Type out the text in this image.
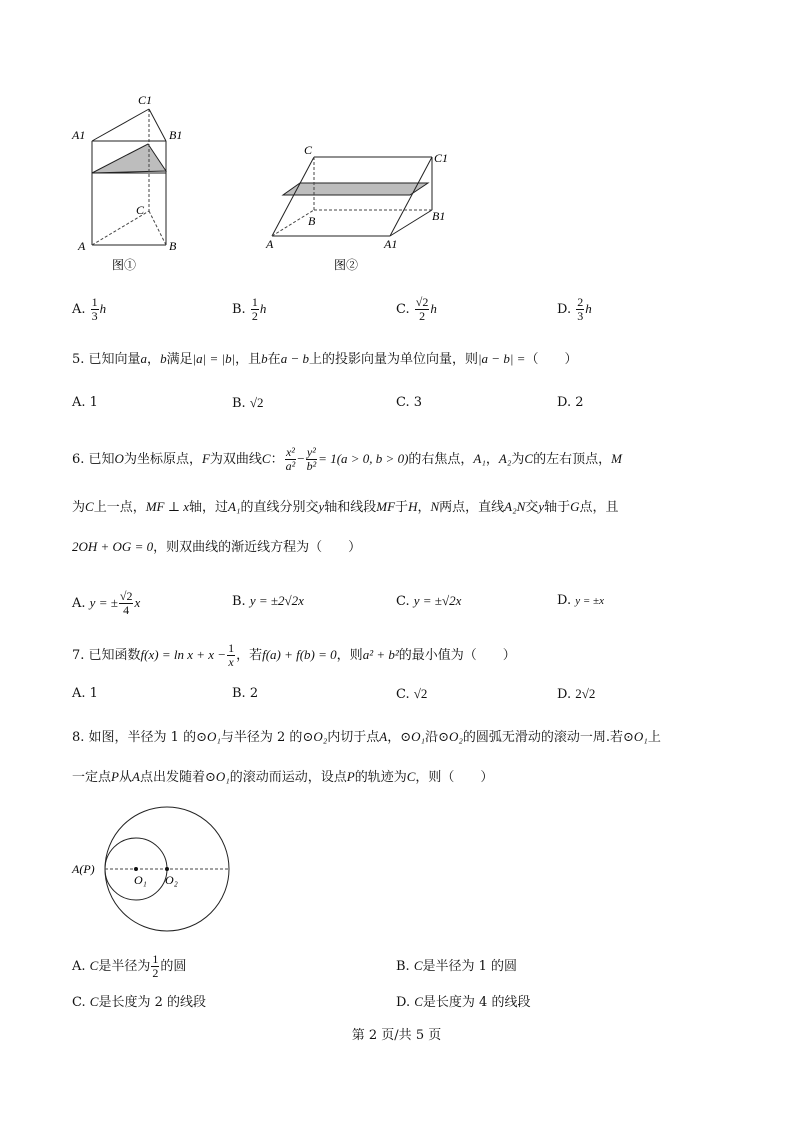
C1
A1	B1
C
A	B
图①
C
C1
B	B1
A	A1
图②
A. $\frac{1}{3}$ h	B. $\frac{1}{2}$ h	C. $\frac{√2}{2}$ h	D. $\frac{2}{3}$ h
5. 已知向量a，b满足|a| = |b|，且b在a − b上的投影向量为单位向量，则|a − b| =（　　）
A. 1	B. √2	C. 3	D. 2
6. 已知O为坐标原点，F为双曲线C： $\frac{\text{x²}}{\text{a²}} - \frac{\text{y²}}{\text{b²}} = 1(a > 0$, b > 0)的右焦点，A₁，A₂为C的左右顶点，M
为C上一点，MF ⊥ x轴，过A₁的直线分别交y轴和线段MF于H，N两点，直线A₂N交y轴于G点，且
2OH + OG = 0，则双曲线的渐近线方程为（　　）
A. y = ± $\frac{√2}{4}$ x	B. y = ±2√2x	C. y = ±√2x	D. y = ±x
7. 已知函数$f(x) = \ln x + x - \frac{1}{x}$ ，若f(a) + f(b) = 0，则a² + b²的最小值为（　　）
A. 1	B. 2	C. √2	D. 2√2
8. 如图，半径为 1 的⊙O₁与半径为 2 的⊙O₂内切于点A，⊙O₁沿⊙O₂的圆弧无滑动的滚动一周.若⊙O₁上
一定点P从A点出发随着⊙O₁的滚动而运动，设点P的轨迹为C，则（　　）
A(P)
O₁ O₂
A. C是半径为 $\frac{1}{2}$ 的圆	B. C是半径为 1 的圆
C. C是长度为 2 的线段	D. C是长度为 4 的线段
第 2 页/共 5 页
